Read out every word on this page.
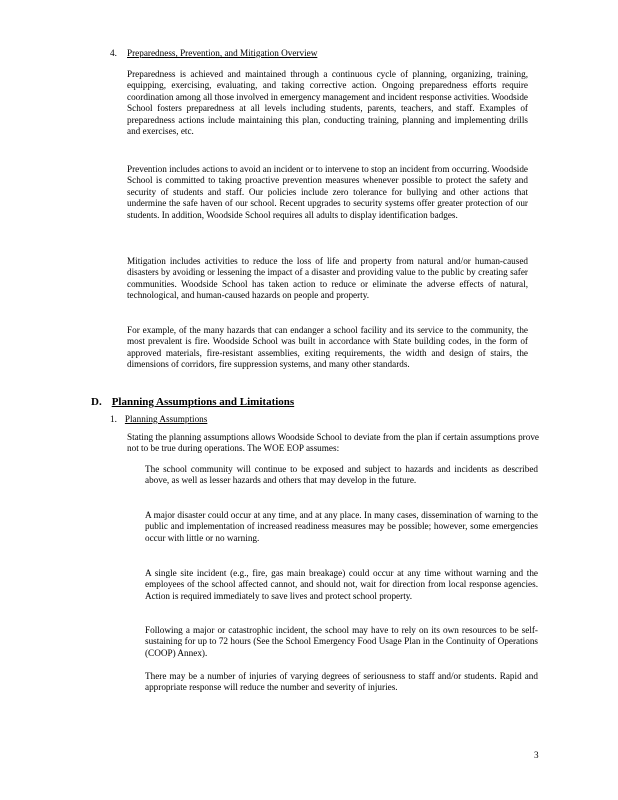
4. Preparedness, Prevention, and Mitigation Overview
Preparedness is achieved and maintained through a continuous cycle of planning, organizing, training, equipping, exercising, evaluating, and taking corrective action. Ongoing preparedness efforts require coordination among all those involved in emergency management and incident response activities. Woodside School fosters preparedness at all levels including students, parents, teachers, and staff. Examples of preparedness actions include maintaining this plan, conducting training, planning and implementing drills and exercises, etc.
Prevention includes actions to avoid an incident or to intervene to stop an incident from occurring. Woodside School is committed to taking proactive prevention measures whenever possible to protect the safety and security of students and staff. Our policies include zero tolerance for bullying and other actions that undermine the safe haven of our school. Recent upgrades to security systems offer greater protection of our students. In addition, Woodside School requires all adults to display identification badges.
Mitigation includes activities to reduce the loss of life and property from natural and/or human-caused disasters by avoiding or lessening the impact of a disaster and providing value to the public by creating safer communities. Woodside School has taken action to reduce or eliminate the adverse effects of natural, technological, and human-caused hazards on people and property.
For example, of the many hazards that can endanger a school facility and its service to the community, the most prevalent is fire. Woodside School was built in accordance with State building codes, in the form of approved materials, fire-resistant assemblies, exiting requirements, the width and design of stairs, the dimensions of corridors, fire suppression systems, and many other standards.
D. Planning Assumptions and Limitations
1. Planning Assumptions
Stating the planning assumptions allows Woodside School to deviate from the plan if certain assumptions prove not to be true during operations. The WOE EOP assumes:
The school community will continue to be exposed and subject to hazards and incidents as described above, as well as lesser hazards and others that may develop in the future.
A major disaster could occur at any time, and at any place. In many cases, dissemination of warning to the public and implementation of increased readiness measures may be possible; however, some emergencies occur with little or no warning.
A single site incident (e.g., fire, gas main breakage) could occur at any time without warning and the employees of the school affected cannot, and should not, wait for direction from local response agencies. Action is required immediately to save lives and protect school property.
Following a major or catastrophic incident, the school may have to rely on its own resources to be self-sustaining for up to 72 hours (See the School Emergency Food Usage Plan in the Continuity of Operations (COOP) Annex).
There may be a number of injuries of varying degrees of seriousness to staff and/or students. Rapid and appropriate response will reduce the number and severity of injuries.
3
